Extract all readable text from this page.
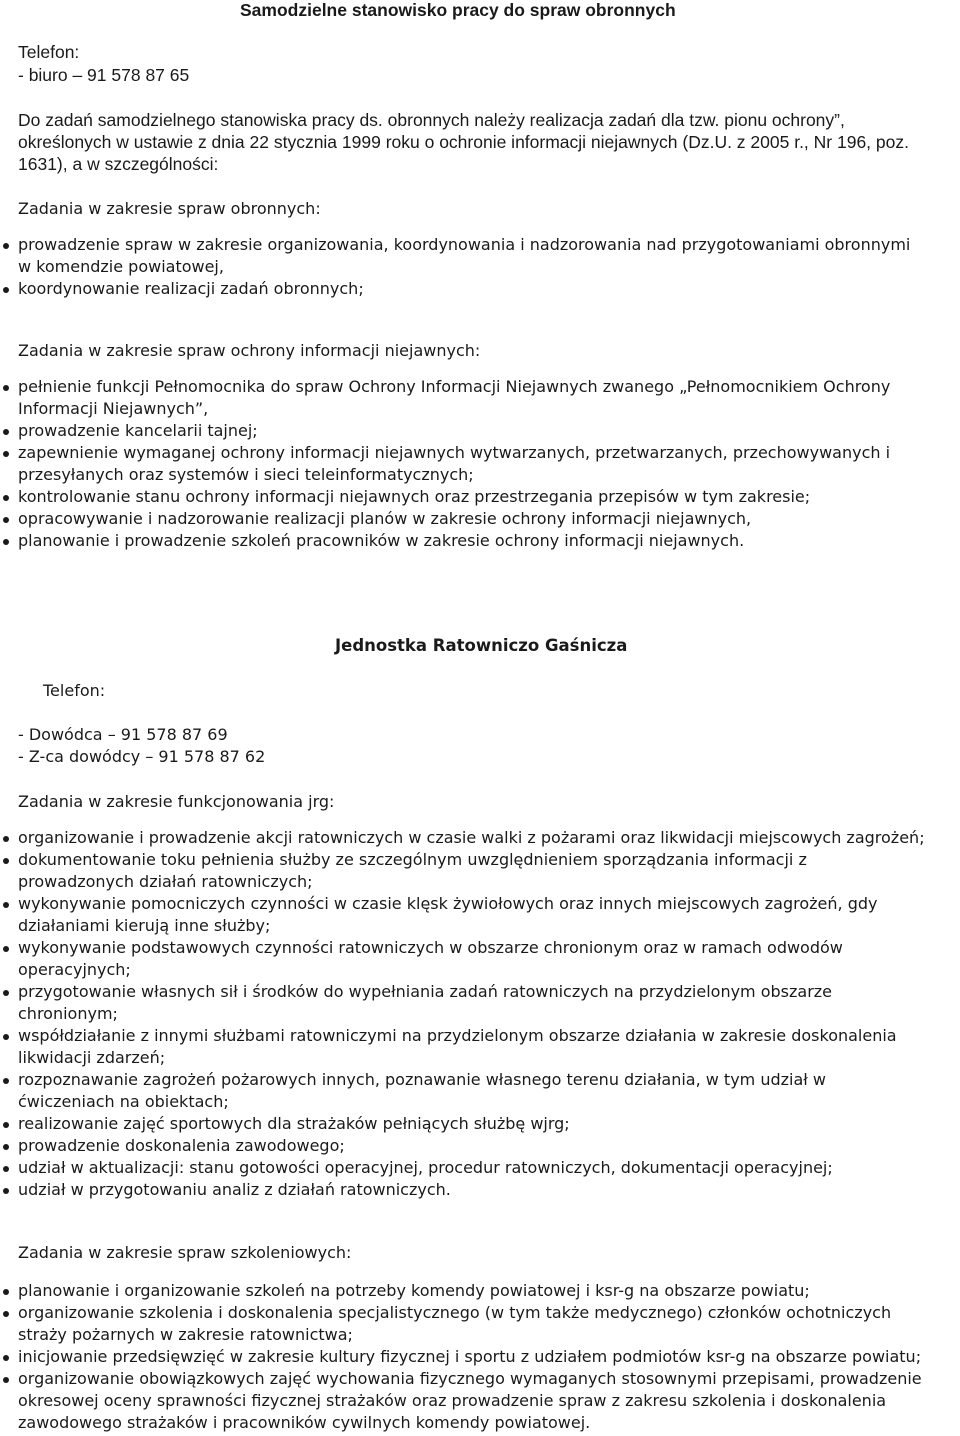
Samodzielne stanowisko pracy do spraw obronnych
Telefon:
- biuro – 91 578 87 65
Do zadań samodzielnego stanowiska pracy ds. obronnych należy realizacja zadań dla tzw. pionu ochrony”,
określonych w ustawie z dnia 22 stycznia 1999 roku o ochronie informacji niejawnych (Dz.U. z 2005 r., Nr 196, poz.
1631), a w szczególności:
Zadania w zakresie spraw obronnych:
prowadzenie spraw w zakresie organizowania, koordynowania i nadzorowania nad przygotowaniami obronnymi
w komendzie powiatowej,
koordynowanie realizacji zadań obronnych;
Zadania w zakresie spraw ochrony informacji niejawnych:
pełnienie funkcji Pełnomocnika do spraw Ochrony Informacji Niejawnych zwanego „Pełnomocnikiem Ochrony
Informacji Niejawnych”,
prowadzenie kancelarii tajnej;
zapewnienie wymaganej ochrony informacji niejawnych wytwarzanych, przetwarzanych, przechowywanych i
przesyłanych oraz systemów i sieci teleinformatycznych;
kontrolowanie stanu ochrony informacji niejawnych oraz przestrzegania przepisów w tym zakresie;
opracowywanie i nadzorowanie realizacji planów w zakresie ochrony informacji niejawnych,
planowanie i prowadzenie szkoleń pracowników w zakresie ochrony informacji niejawnych.
Jednostka Ratowniczo Gaśnicza
Telefon:
- Dowódca – 91 578 87 69
- Z-ca dowódcy – 91 578 87 62
Zadania w zakresie funkcjonowania jrg:
organizowanie i prowadzenie akcji ratowniczych w czasie walki z pożarami oraz likwidacji miejscowych zagrożeń;
dokumentowanie toku pełnienia służby ze szczególnym uwzględnieniem sporządzania informacji z
prowadzonych działań ratowniczych;
wykonywanie pomocniczych czynności w czasie klęsk żywiołowych oraz innych miejscowych zagrożeń, gdy
działaniami kierują inne służby;
wykonywanie podstawowych czynności ratowniczych w obszarze chronionym oraz w ramach odwodów
operacyjnych;
przygotowanie własnych sił i środków do wypełniania zadań ratowniczych na przydzielonym obszarze
chronionym;
współdziałanie z innymi służbami ratowniczymi na przydzielonym obszarze działania w zakresie doskonalenia
likwidacji zdarzeń;
rozpoznawanie zagrożeń pożarowych innych, poznawanie własnego terenu działania, w tym udział w
ćwiczeniach na obiektach;
realizowanie zajęć sportowych dla strażaków pełniących służbę wjrg;
prowadzenie doskonalenia zawodowego;
udział w aktualizacji: stanu gotowości operacyjnej, procedur ratowniczych, dokumentacji operacyjnej;
udział w przygotowaniu analiz z działań ratowniczych.
Zadania w zakresie spraw szkoleniowych:
planowanie i organizowanie szkoleń na potrzeby komendy powiatowej i ksr-g na obszarze powiatu;
organizowanie szkolenia i doskonalenia specjalistycznego (w tym także medycznego) członków ochotniczych
straży pożarnych w zakresie ratownictwa;
inicjowanie przedsięwzięć w zakresie kultury fizycznej i sportu z udziałem podmiotów ksr-g na obszarze powiatu;
organizowanie obowiązkowych zajęć wychowania fizycznego wymaganych stosownymi przepisami, prowadzenie
okresowej oceny sprawności fizycznej strażaków oraz prowadzenie spraw z zakresu szkolenia i doskonalenia
zawodowego strażaków i pracowników cywilnych komendy powiatowej.
